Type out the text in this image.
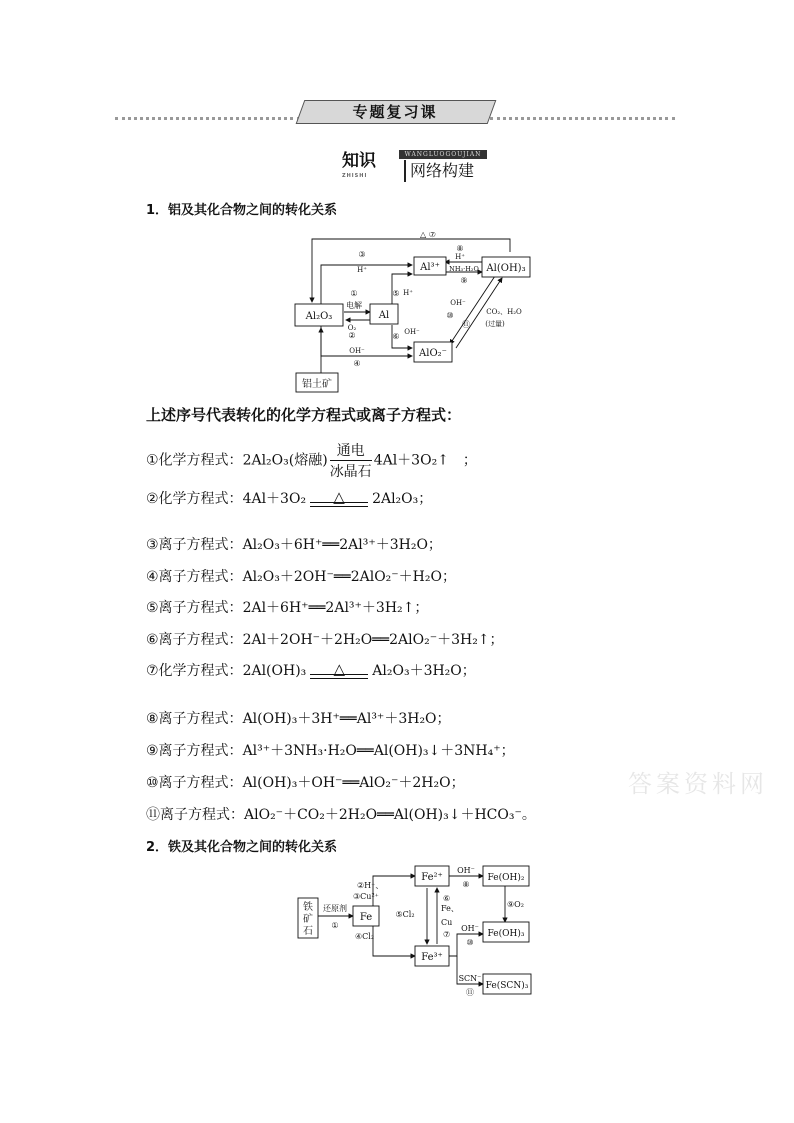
专题复习课
知识
ZHISHI
WANGLUOGOUJIAN
网络构建
1．铝及其化合物之间的转化关系
Al³⁺	Al(OH)₃
Al₂O₃	Al
AlO₂⁻
铝土矿
△ ⑦
⑧
H⁺
NH₃·H₂O
⑨
③
H⁺
①
电解
O₂
②
⑤ H⁺
OH⁻
⑥
OH⁻
④
OH⁻
⑩
⑪
CO₂、H₂O
(过量)
上述序号代表转化的化学方程式或离子方程式：
①化学方程式：2Al₂O₃(熔融) $\frac{\text{通电}}{\text{冰晶石}}$ 4Al＋3O₂↑　；
②化学方程式：4Al＋3O₂	△	2Al₂O₃；
③离子方程式：Al₂O₃＋6H⁺══2Al³⁺＋3H₂O；
④离子方程式：Al₂O₃＋2OH⁻══2AlO₂⁻＋H₂O；
⑤离子方程式：2Al＋6H⁺══2Al³⁺＋3H₂↑；
⑥离子方程式：2Al＋2OH⁻＋2H₂O══2AlO₂⁻＋3H₂↑；
⑦化学方程式：2Al(OH)₃	△	Al₂O₃＋3H₂O；
⑧离子方程式：Al(OH)₃＋3H⁺══Al³⁺＋3H₂O；
⑨离子方程式：Al³⁺＋3NH₃·H₂O══Al(OH)₃↓＋3NH₄⁺；
⑩离子方程式：Al(OH)₃＋OH⁻══AlO₂⁻＋2H₂O；
⑪离子方程式：AlO₂⁻＋CO₂＋2H₂O══Al(OH)₃↓＋HCO₃⁻。
答案资料网
2．铁及其化合物之间的转化关系
铁
矿
石
Fe
Fe²⁺
Fe³⁺
Fe(OH)₂
Fe(OH)₃
Fe(SCN)₃
还原剂
①
②H⁺、
③Cu²⁺
④Cl₂
⑤Cl₂
⑥
Fe、
Cu
⑦
OH⁻
⑧
⑨O₂
OH⁻
⑩
SCN⁻
⑪
